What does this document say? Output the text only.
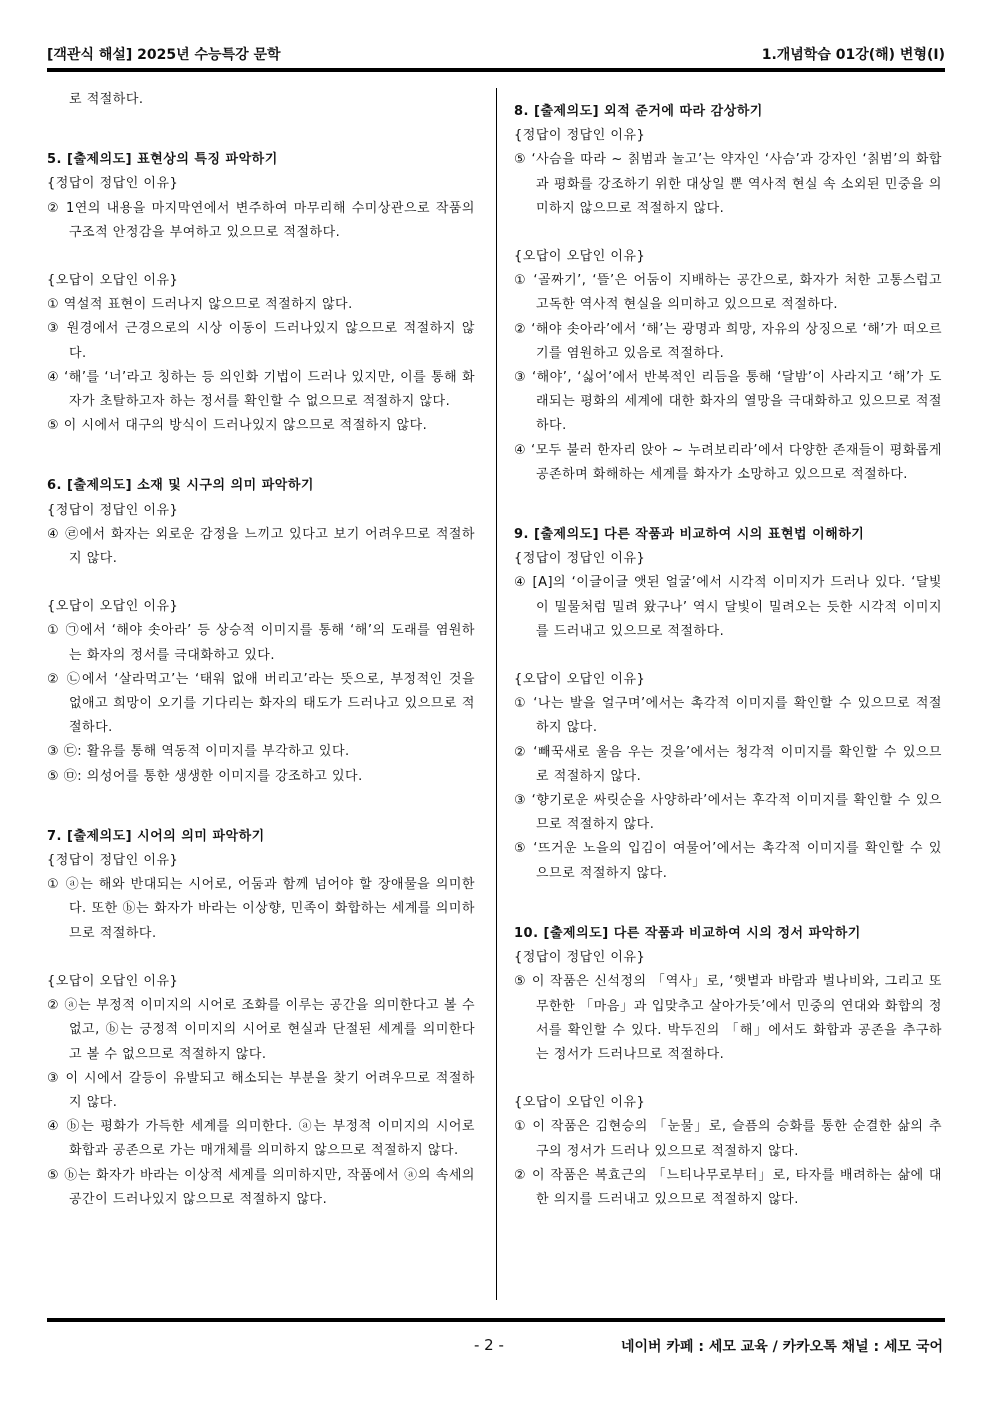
[객관식 해설] 2025년 수능특강 문학	1.개념학습 01강(해) 변형(I)
로 적절하다.
5. [출제의도] 표현상의 특징 파악하기
{정답이 정답인 이유}
② 1연의 내용을 마지막연에서 변주하여 마무리해 수미상관으로 작품의 구조적 안정감을 부여하고 있으므로 적절하다.
{오답이 오답인 이유}
① 역설적 표현이 드러나지 않으므로 적절하지 않다.
③ 원경에서 근경으로의 시상 이동이 드러나있지 않으므로 적절하지 않다.
④ ‘해’를 ‘너’라고 칭하는 등 의인화 기법이 드러나 있지만, 이를 통해 화자가 초탈하고자 하는 정서를 확인할 수 없으므로 적절하지 않다.
⑤ 이 시에서 대구의 방식이 드러나있지 않으므로 적절하지 않다.
6. [출제의도] 소재 및 시구의 의미 파악하기
{정답이 정답인 이유}
④ ㉣에서 화자는 외로운 감정을 느끼고 있다고 보기 어려우므로 적절하지 않다.
{오답이 오답인 이유}
① ㉠에서 ‘해야 솟아라’ 등 상승적 이미지를 통해 ‘해’의 도래를 염원하는 화자의 정서를 극대화하고 있다.
② ㉡에서 ‘살라먹고’는 ‘태워 없애 버리고’라는 뜻으로, 부정적인 것을 없애고 희망이 오기를 기다리는 화자의 태도가 드러나고 있으므로 적절하다.
③ ㉢: 활유를 통해 역동적 이미지를 부각하고 있다.
⑤ ㉤: 의성어를 통한 생생한 이미지를 강조하고 있다.
7. [출제의도] 시어의 의미 파악하기
{정답이 정답인 이유}
① ⓐ는 해와 반대되는 시어로, 어둠과 함께 넘어야 할 장애물을 의미한다. 또한 ⓑ는 화자가 바라는 이상향, 민족이 화합하는 세계를 의미하므로 적절하다.
{오답이 오답인 이유}
② ⓐ는 부정적 이미지의 시어로 조화를 이루는 공간을 의미한다고 볼 수 없고, ⓑ는 긍정적 이미지의 시어로 현실과 단절된 세계를 의미한다고 볼 수 없으므로 적절하지 않다.
③ 이 시에서 갈등이 유발되고 해소되는 부분을 찾기 어려우므로 적절하지 않다.
④ ⓑ는 평화가 가득한 세계를 의미한다. ⓐ는 부정적 이미지의 시어로 화합과 공존으로 가는 매개체를 의미하지 않으므로 적절하지 않다.
⑤ ⓑ는 화자가 바라는 이상적 세계를 의미하지만, 작품에서 ⓐ의 속세의 공간이 드러나있지 않으므로 적절하지 않다.
8. [출제의도] 외적 준거에 따라 감상하기
{정답이 정답인 이유}
⑤ ‘사슴을 따라 ~ 칡범과 놀고’는 약자인 ‘사슴’과 강자인 ‘칡범’의 화합과 평화를 강조하기 위한 대상일 뿐 역사적 현실 속 소외된 민중을 의미하지 않으므로 적절하지 않다.
{오답이 오답인 이유}
① ‘골짜기’, ‘뜰’은 어둠이 지배하는 공간으로, 화자가 처한 고통스럽고 고독한 역사적 현실을 의미하고 있으므로 적절하다.
② ‘해야 솟아라’에서 ‘해’는 광명과 희망, 자유의 상징으로 ‘해’가 떠오르기를 염원하고 있음로 적절하다.
③ ‘해야’, ‘싫어’에서 반복적인 리듬을 통해 ‘달밤’이 사라지고 ‘해’가 도래되는 평화의 세계에 대한 화자의 열망을 극대화하고 있으므로 적절하다.
④ ‘모두 불러 한자리 앉아 ~ 누려보리라’에서 다양한 존재들이 평화롭게 공존하며 화해하는 세계를 화자가 소망하고 있으므로 적절하다.
9. [출제의도] 다른 작품과 비교하여 시의 표현법 이해하기
{정답이 정답인 이유}
④ [A]의 ‘이글이글 앳된 얼굴’에서 시각적 이미지가 드러나 있다. ‘달빛이 밀물처럼 밀려 왔구나’ 역시 달빛이 밀려오는 듯한 시각적 이미지를 드러내고 있으므로 적절하다.
{오답이 오답인 이유}
① ‘나는 발을 얼구며’에서는 촉각적 이미지를 확인할 수 있으므로 적절하지 않다.
② ‘빼꾹새로 울음 우는 것을’에서는 청각적 이미지를 확인할 수 있으므로 적절하지 않다.
③ ‘향기로운 싸릿순을 사양하라’에서는 후각적 이미지를 확인할 수 있으므로 적절하지 않다.
⑤ ‘뜨거운 노을의 입김이 여물어’에서는 촉각적 이미지를 확인할 수 있으므로 적절하지 않다.
10. [출제의도] 다른 작품과 비교하여 시의 정서 파악하기
{정답이 정답인 이유}
⑤ 이 작품은 신석정의 「역사」로, ‘햇볕과 바람과 벌나비와, 그리고 또 무한한 「마음」과 입맞추고 살아가듯’에서 민중의 연대와 화합의 정서를 확인할 수 있다. 박두진의 「해」에서도 화합과 공존을 추구하는 정서가 드러나므로 적절하다.
{오답이 오답인 이유}
① 이 작품은 김현승의 「눈물」로, 슬픔의 승화를 통한 순결한 삶의 추구의 정서가 드러나 있으므로 적절하지 않다.
② 이 작품은 복효근의 「느티나무로부터」로, 타자를 배려하는 삶에 대한 의지를 드러내고 있으므로 적절하지 않다.
- 2 -	네이버 카페 : 세모 교육 / 카카오톡 채널 : 세모 국어
